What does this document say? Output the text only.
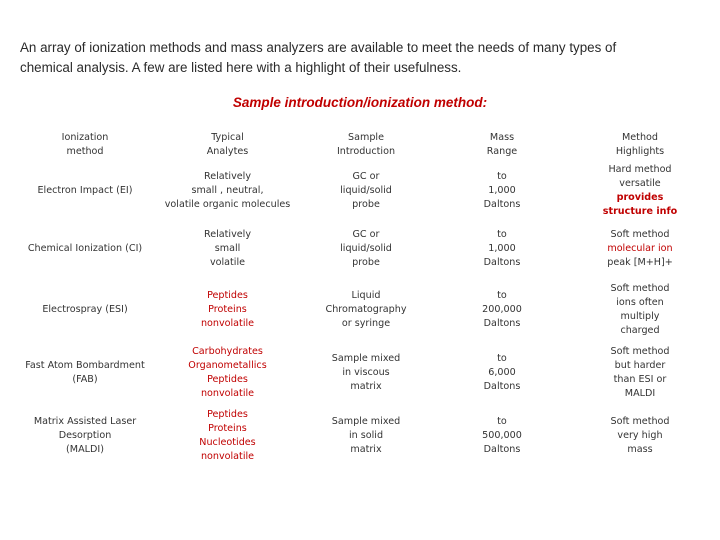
An array of ionization methods and mass analyzers are available to meet the needs of many types of
chemical analysis. A few are listed here with a highlight of their usefulness.
Sample introduction/ionization method:
Ionization
method	Typical
Analytes	Sample
Introduction	Mass
Range	Method
Highlights

Electron Impact (EI)	Relatively
small , neutral,
volatile organic molecules	GC or
liquid/solid
probe	to
1,000
Daltons	Hard method
versatile
provides
structure info

Chemical Ionization (CI)	Relatively
small
volatile	GC or
liquid/solid
probe	to
1,000
Daltons	Soft method
molecular ion
peak [M+H]+

Electrospray (ESI)	Peptides
Proteins
nonvolatile	Liquid
Chromatography
or syringe	to
200,000
Daltons	Soft method
ions often
multiply
charged

Fast Atom Bombardment
(FAB)	Carbohydrates
Organometallics
Peptides
nonvolatile	Sample mixed
in viscous
matrix	to
6,000
Daltons	Soft method
but harder
than ESI or
MALDI

Matrix Assisted Laser
Desorption
(MALDI)	Peptides
Proteins
Nucleotides
nonvolatile	Sample mixed
in solid
matrix	to
500,000
Daltons	Soft method
very high
mass
